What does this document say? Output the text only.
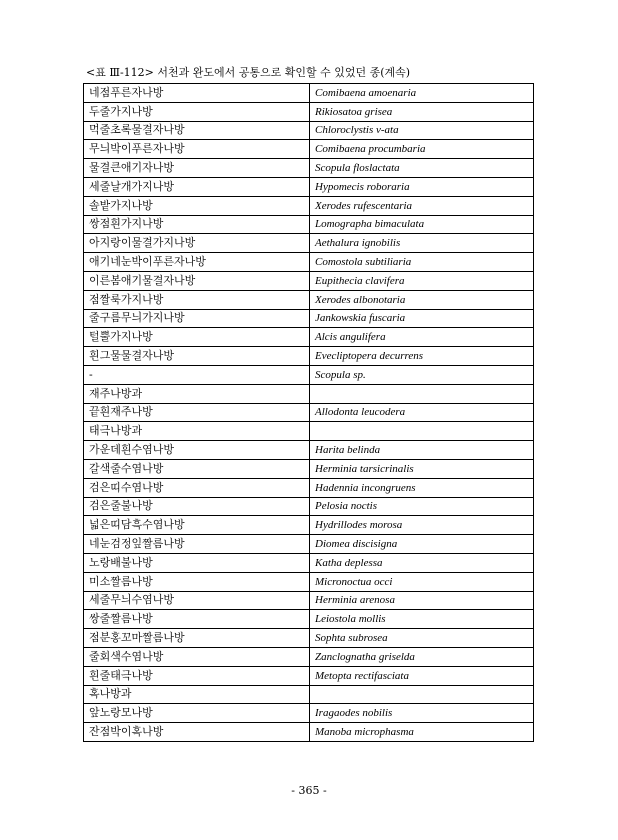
<표 Ⅲ-112> 서천과 완도에서 공통으로 확인할 수 있었던 종(계속)
네점푸른자나방	Comibaena amoenaria
두줄가지나방	Rikiosatoa grisea
먹줄초록물결자나방	Chloroclystis v-ata
무늬박이푸른자나방	Comibaena procumbaria
물결큰애기자나방	Scopula floslactata
세줄날개가지나방	Hypomecis roboraria
솔밭가지나방	Xerodes rufescentaria
쌍점흰가지나방	Lomographa bimaculata
아지랑이물결가지나방	Aethalura ignobilis
애기네눈박이푸른자나방	Comostola subtiliaria
이른봄애기물결자나방	Eupithecia clavifera
점짤룩가지나방	Xerodes albonotaria
줄구름무늬가지나방	Jankowskia fuscaria
털뿔가지나방	Alcis angulifera
흰그물물결자나방	Evecliptopera decurrens
-	Scopula sp.
재주나방과	
끝흰재주나방	Allodonta leucodera
태극나방과	
가운데흰수염나방	Harita belinda
갈색줄수염나방	Herminia tarsicrinalis
검은띠수염나방	Hadennia incongruens
검은줄불나방	Pelosia noctis
넓은띠담흑수염나방	Hydrillodes morosa
네눈검정잎짤름나방	Diomea discisigna
노랑배불나방	Katha deplessa
미소짤름나방	Micronoctua occi
세줄무늬수염나방	Herminia arenosa
쌍줄짤름나방	Leiostola mollis
점분홍꼬마짤름나방	Sophta subrosea
줄회색수염나방	Zanclognatha griselda
흰줄태극나방	Metopta rectifasciata
혹나방과	
앞노랑모나방	Iragaodes nobilis
잔점박이혹나방	Manoba microphasma
- 365 -
